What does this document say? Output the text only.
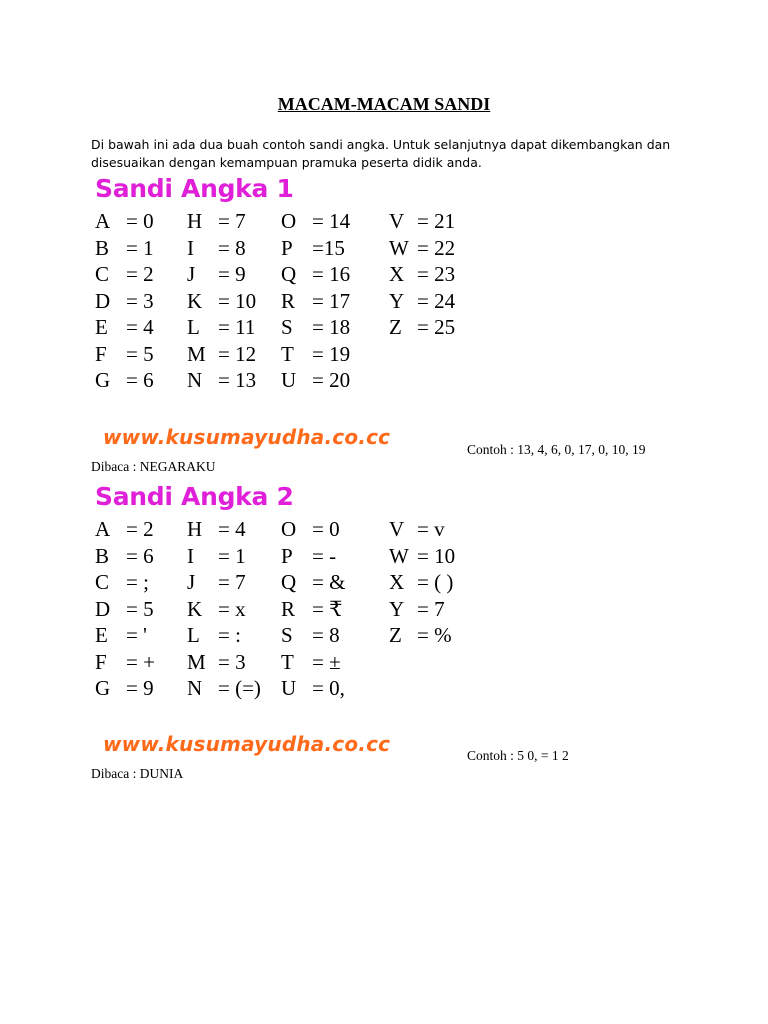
MACAM-MACAM SANDI
Di bawah ini ada dua buah contoh sandi angka. Untuk selanjutnya dapat dikembangkan dan disesuaikan dengan kemampuan pramuka peserta didik anda.
Sandi Angka 1
A = 0
B = 1
C = 2
D = 3
E = 4
F = 5
G = 6
H = 7
I = 8
J = 9
K = 10
L = 11
M = 12
N = 13
O = 14
P =15
Q = 16
R = 17
S = 18
T = 19
U = 20
V = 21
W = 22
X = 23
Y = 24
Z = 25
www.kusumayudha.co.cc
Contoh : 13, 4, 6, 0, 17, 0, 10, 19
Dibaca : NEGARAKU
Sandi Angka 2
A = 2
B = 6
C = ;
D = 5
E = '
F = +
G = 9
H = 4
I = 1
J = 7
K = x
L = :
M = 3
N = (=)
O = 0
P = -
Q = &
R = ₹
S = 8
T = ±
U = 0,
V = v
W = 10
X = ( )
Y = 7
Z = %
www.kusumayudha.co.cc	Contoh : 5 0, = 1 2
Dibaca : DUNIA
